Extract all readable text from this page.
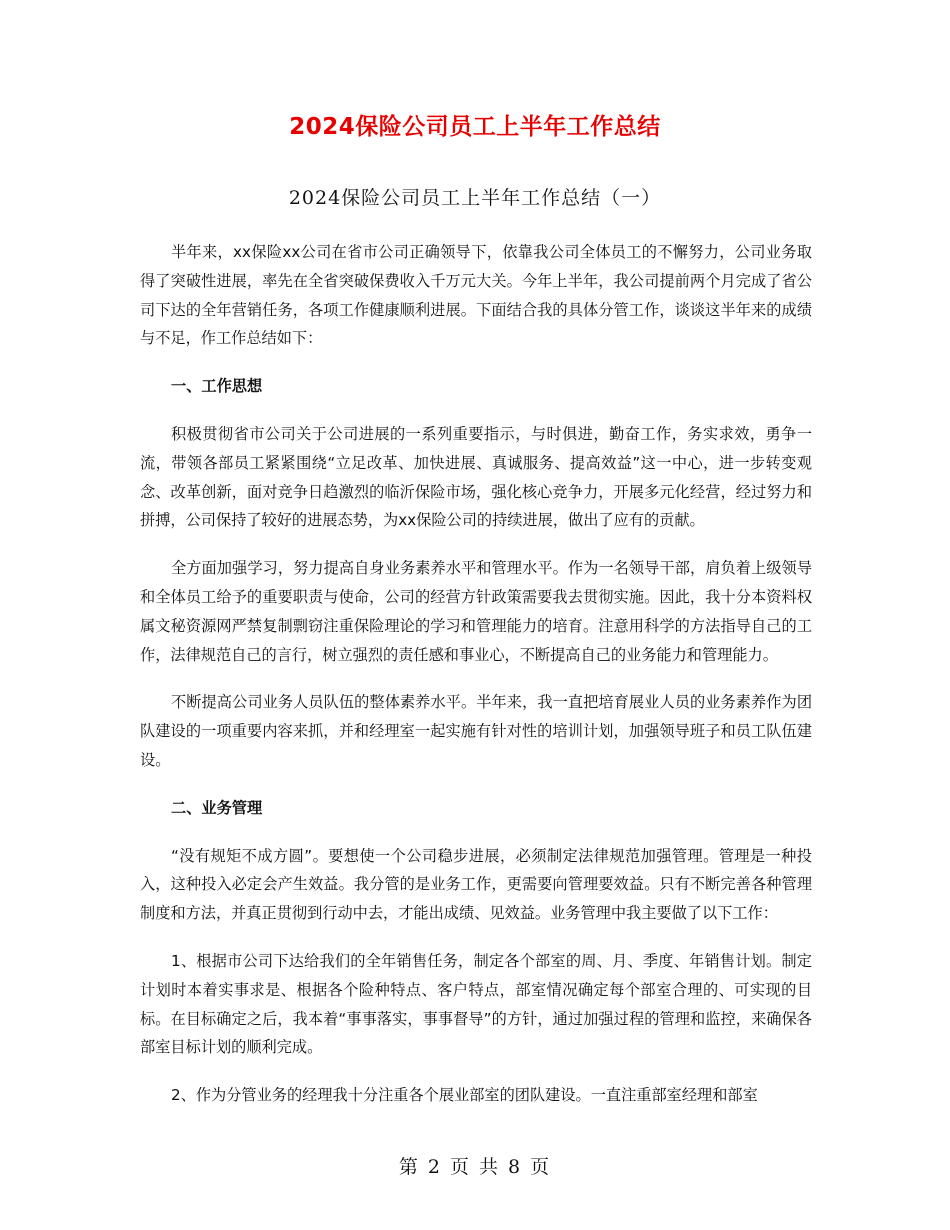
2024保险公司员工上半年工作总结
2024保险公司员工上半年工作总结（一）

半年来，xx保险xx公司在省市公司正确领导下，依靠我公司全体员工的不懈努力，公司业务取得了突破性进展，率先在全省突破保费收入千万元大关。今年上半年，我公司提前两个月完成了省公司下达的全年营销任务，各项工作健康顺利进展。下面结合我的具体分管工作，谈谈这半年来的成绩与不足，作工作总结如下：

一、工作思想

积极贯彻省市公司关于公司进展的一系列重要指示，与时俱进，勤奋工作，务实求效，勇争一流，带领各部员工紧紧围绕“立足改革、加快进展、真诚服务、提高效益”这一中心，进一步转变观念、改革创新，面对竞争日趋激烈的临沂保险市场，强化核心竞争力，开展多元化经营，经过努力和拼搏，公司保持了较好的进展态势，为xx保险公司的持续进展，做出了应有的贡献。

全方面加强学习，努力提高自身业务素养水平和管理水平。作为一名领导干部，肩负着上级领导和全体员工给予的重要职责与使命，公司的经营方针政策需要我去贯彻实施。因此，我十分本资料权属文秘资源网严禁复制剽窃注重保险理论的学习和管理能力的培育。注意用科学的方法指导自己的工作，法律规范自己的言行，树立强烈的责任感和事业心，不断提高自己的业务能力和管理能力。

不断提高公司业务人员队伍的整体素养水平。半年来，我一直把培育展业人员的业务素养作为团队建设的一项重要内容来抓，并和经理室一起实施有针对性的培训计划，加强领导班子和员工队伍建设。

二、业务管理

“没有规矩不成方圆”。要想使一个公司稳步进展，必须制定法律规范加强管理。管理是一种投入，这种投入必定会产生效益。我分管的是业务工作，更需要向管理要效益。只有不断完善各种管理制度和方法，并真正贯彻到行动中去，才能出成绩、见效益。业务管理中我主要做了以下工作：

1、根据市公司下达给我们的全年销售任务，制定各个部室的周、月、季度、年销售计划。制定计划时本着实事求是、根据各个险种特点、客户特点，部室情况确定每个部室合理的、可实现的目标。在目标确定之后，我本着“事事落实，事事督导”的方针，通过加强过程的管理和监控，来确保各部室目标计划的顺利完成。

2、作为分管业务的经理我十分注重各个展业部室的团队建设。一直注重部室经理和部室

第 2 页 共 8 页
